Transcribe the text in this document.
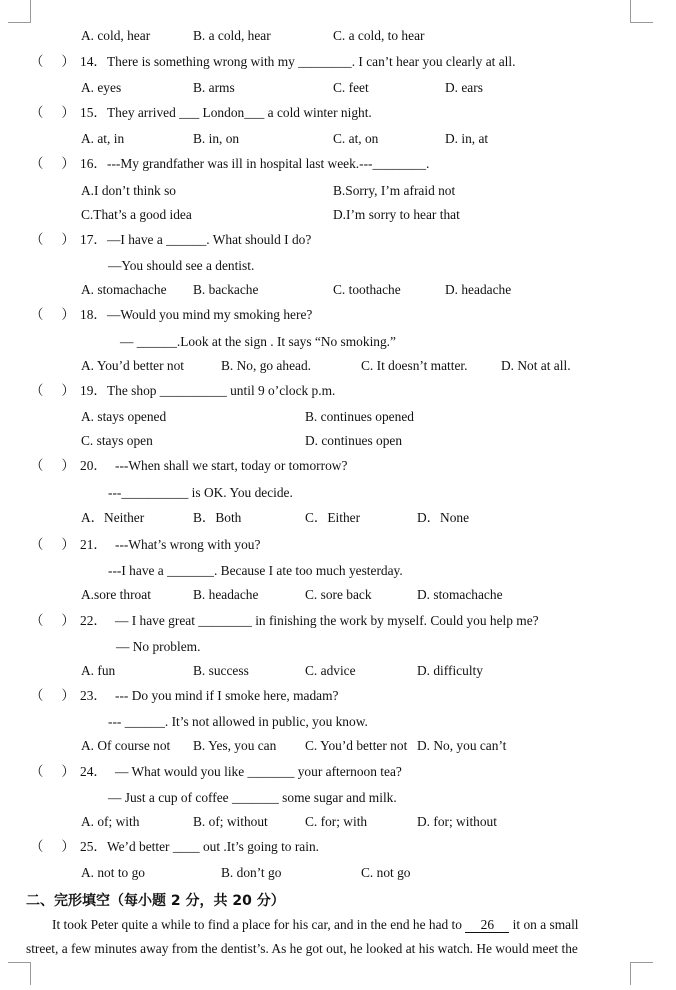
A. cold, hear	B. a cold, hear	C. a cold, to hear
（ ） 14．There is something wrong with my ________. I can’t hear you clearly at all.
A. eyes	B. arms	C. feet	D. ears
（ ） 15．They arrived ___ London___ a cold winter night.
A. at, in	B. in, on	C. at, on	D. in, at
（ ） 16．---My grandfather was ill in hospital last week.---________.
A.I don’t think so	B.Sorry, I’m afraid not
C.That’s a good idea	D.I’m sorry to hear that
（ ） 17．—I have a ______. What should I do?
—You should see a dentist.
A. stomachache B. backache	C. toothache	D. headache
（ ） 18．—Would you mind my smoking here?
— ______.Look at the sign . It says “No smoking.”
A. You’d better not	B. No, go ahead.	C. It doesn’t matter.	D. Not at all.
（ ） 19．The shop __________ until 9 o’clock p.m.
A. stays opened	B. continues opened
C. stays open	D. continues open
（ ） 20． ---When shall we start, today or tomorrow?
---__________ is OK. You decide.
A．Neither	B．Both	C．Either	D．None
（ ） 21． ---What’s wrong with you?
---I have a _______. Because I ate too much yesterday.
A.sore throat	B. headache	C. sore back	D. stomachache
（ ） 22． — I have great ________ in finishing the work by myself. Could you help me?
— No problem.
A. fun	B. success	C. advice	D. difficulty
（ ） 23． --- Do you mind if I smoke here, madam?
--- ______. It’s not allowed in public, you know.
A. Of course not B. Yes, you can C. You’d better not D. No, you can’t
（ ） 24． — What would you like _______ your afternoon tea?
— Just a cup of coffee _______ some sugar and milk.
A. of; with	B. of; without	C. for; with	D. for; without
（ ） 25．We’d better ____ out .It’s going to rain.
A. not to go	B. don’t go	C. not go
二、完形填空（每小题 2 分，共 20 分）
It took Peter quite a while to find a place for his car, and in the end he had to 26 it on a small
street, a few minutes away from the dentist’s. As he got out, he looked at his watch. He would meet the
